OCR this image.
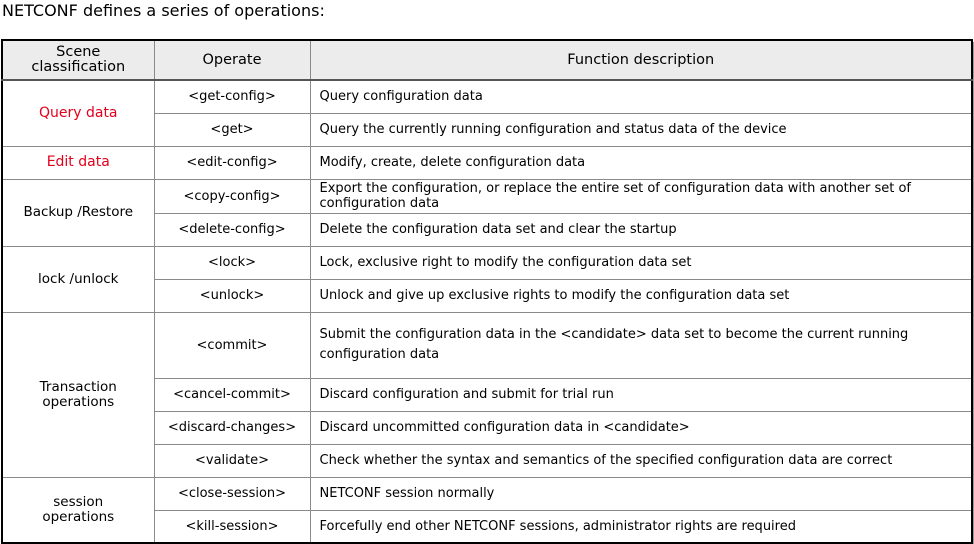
NETCONF defines a series of operations:
Scene classification	Operate	Function description
Query data	<get-config>	Query configuration data
	<get>	Query the currently running configuration and status data of the device
Edit data	<edit-config>	Modify, create, delete configuration data
Backup /Restore	<copy-config>	Export the configuration, or replace the entire set of configuration data with another set of configuration data
	<delete-config>	Delete the configuration data set and clear the startup
lock /unlock	<lock>	Lock, exclusive right to modify the configuration data set
	<unlock>	Unlock and give up exclusive rights to modify the configuration data set
Transaction operations	<commit>	Submit the configuration data in the <candidate> data set to become the current running configuration data
	<cancel-commit>	Discard configuration and submit for trial run
	<discard-changes>	Discard uncommitted configuration data in <candidate>
	<validate>	Check whether the syntax and semantics of the specified configuration data are correct
session operations	<close-session>	NETCONF session normally
	<kill-session>	Forcefully end other NETCONF sessions, administrator rights are required
